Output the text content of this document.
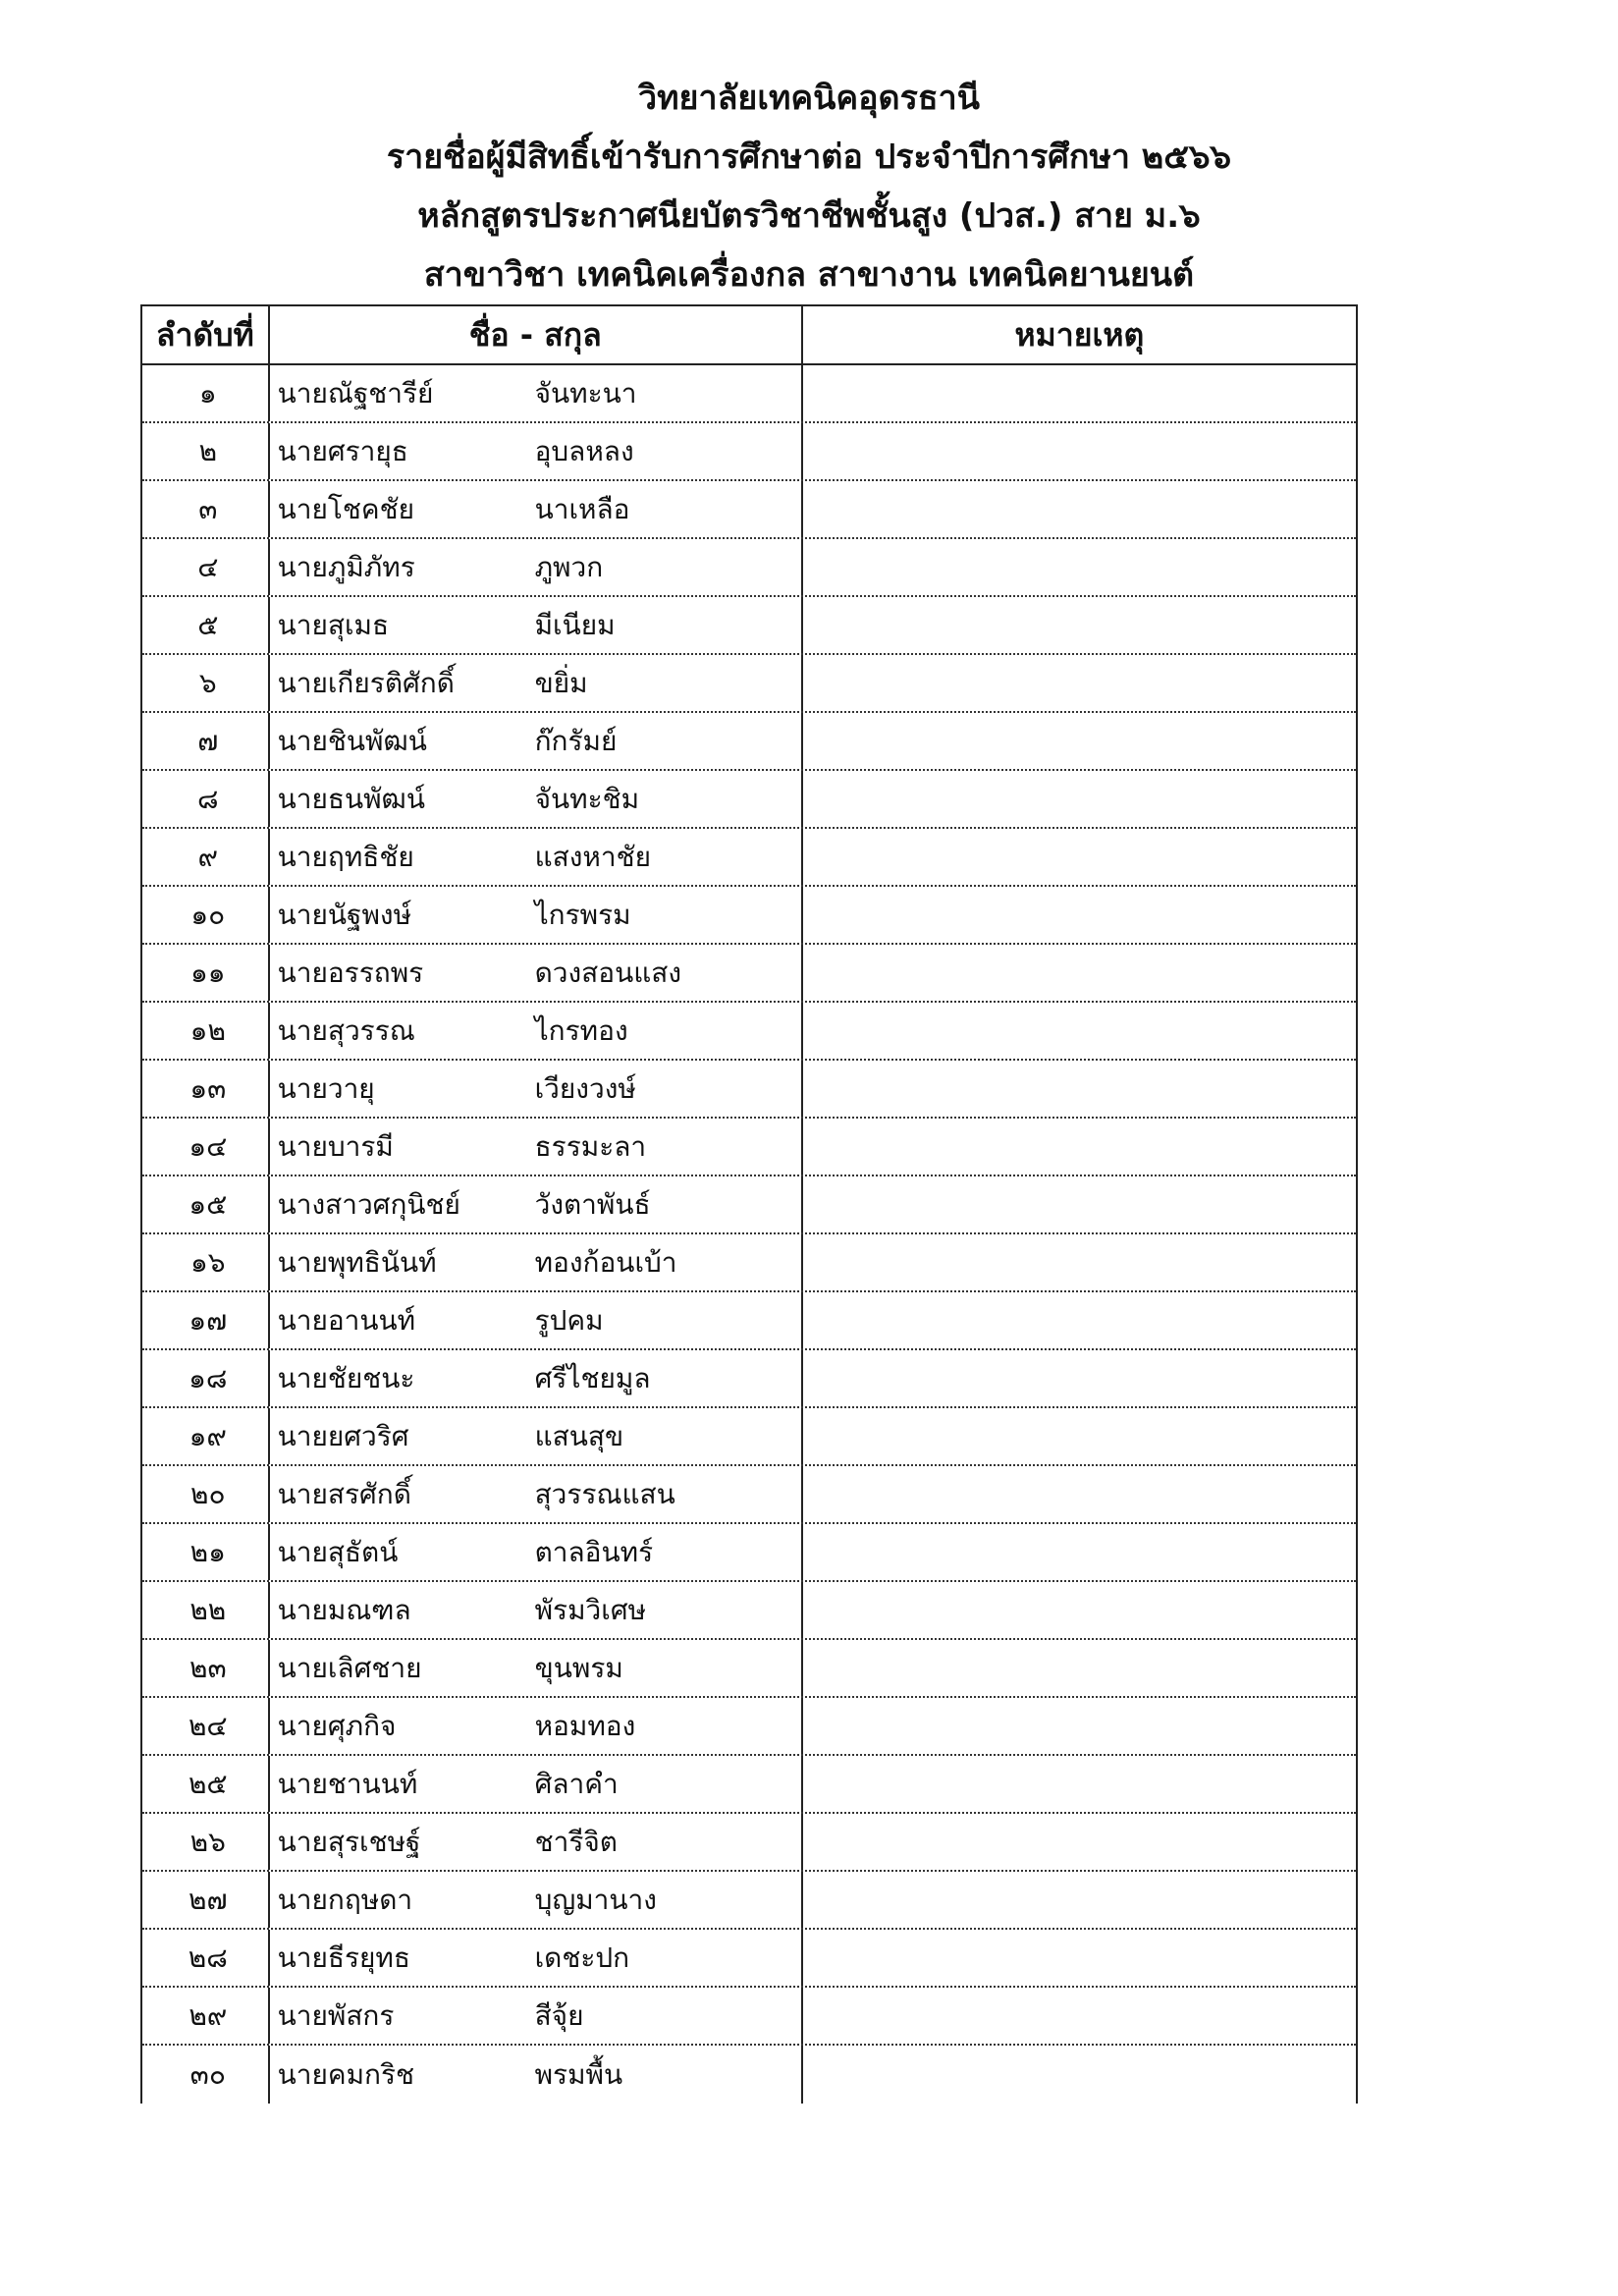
วิทยาลัยเทคนิคอุดรธานี
รายชื่อผู้มีสิทธิ์เข้ารับการศึกษาต่อ ประจำปีการศึกษา ๒๕๖๖
หลักสูตรประกาศนียบัตรวิชาชีพชั้นสูง (ปวส.) สาย ม.๖
สาขาวิชา เทคนิคเครื่องกล สาขางาน เทคนิคยานยนต์
ลำดับที่	ชื่อ - สกุล	หมายเหตุ
๑	นายณัฐชารีย์	จันทะนา
๒	นายศรายุธ	อุบลหลง
๓	นายโชคชัย	นาเหลือ
๔	นายภูมิภัทร	ภูพวก
๕	นายสุเมธ	มีเนียม
๖	นายเกียรติศักดิ์	ขยิ่ม
๗	นายชินพัฒน์	ก๊กรัมย์
๘	นายธนพัฒน์	จันทะชิม
๙	นายฤทธิชัย	แสงหาชัย
๑๐	นายนัฐพงษ์	ไกรพรม
๑๑	นายอรรถพร	ดวงสอนแสง
๑๒	นายสุวรรณ	ไกรทอง
๑๓	นายวายุ	เวียงวงษ์
๑๔	นายบารมี	ธรรมะลา
๑๕	นางสาวศกุนิชย์	วังตาพันธ์
๑๖	นายพุทธินันท์	ทองก้อนเบ้า
๑๗	นายอานนท์	รูปคม
๑๘	นายชัยชนะ	ศรีไชยมูล
๑๙	นายยศวริศ	แสนสุข
๒๐	นายสรศักดิ์	สุวรรณแสน
๒๑	นายสุธัตน์	ตาลอินทร์
๒๒	นายมณฑล	พัรมวิเศษ
๒๓	นายเลิศชาย	ขุนพรม
๒๔	นายศุภกิจ	หอมทอง
๒๕	นายชานนท์	ศิลาคำ
๒๖	นายสุรเชษฐ์	ชารีจิต
๒๗	นายกฤษดา	บุญมานาง
๒๘	นายธีรยุทธ	เดชะปก
๒๙	นายพัสกร	สีจุ้ย
๓๐	นายคมกริช	พรมพื้น
